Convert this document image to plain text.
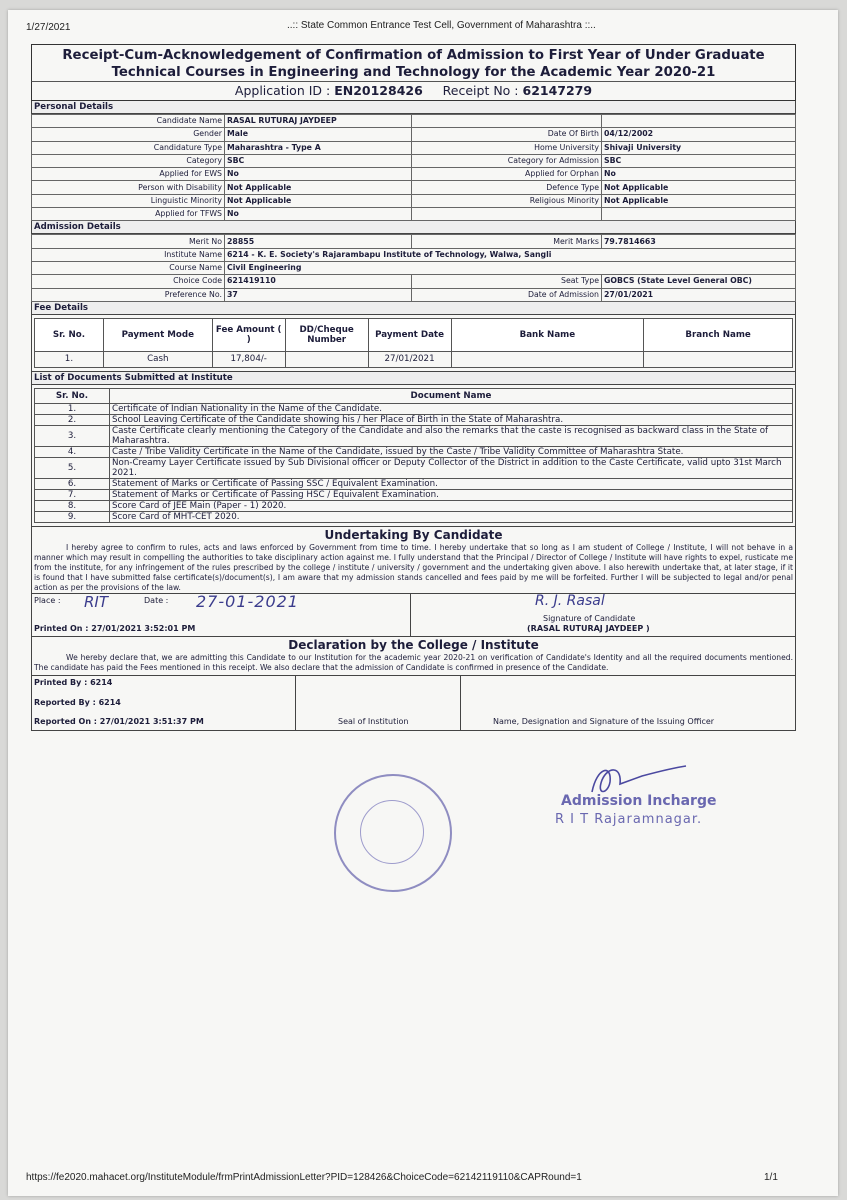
1/27/2021	..:: State Common Entrance Test Cell, Government of Maharashtra ::..
Receipt-Cum-Acknowledgement of Confirmation of Admission to First Year of Under Graduate Technical Courses in Engineering and Technology for the Academic Year 2020-21
Application ID : EN20128426 Receipt No : 62147279
Personal Details
Candidate Name	RASAL RUTURAJ JAYDEEP		
Gender	Male	Date Of Birth	04/12/2002
Candidature Type	Maharashtra - Type A	Home University	Shivaji University
Category	SBC	Category for Admission	SBC
Applied for EWS	No	Applied for Orphan	No
Person with Disability	Not Applicable	Defence Type	Not Applicable
Linguistic Minority	Not Applicable	Religious Minority	Not Applicable
Applied for TFWS	No		
Admission Details
Merit No	28855	Merit Marks	79.7814663
Institute Name	6214 - K. E. Society's Rajarambapu Institute of Technology, Walwa, Sangli		
Course Name	Civil Engineering		
Choice Code	621419110	Seat Type	GOBCS (State Level General OBC)
Preference No.	37	Date of Admission	27/01/2021
Fee Details
Sr. No.	Payment Mode	Fee Amount ( )	DD/Cheque Number	Payment Date	Bank Name	Branch Name
1.	Cash	17,804/-		27/01/2021		
List of Documents Submitted at Institute
Sr. No.	Document Name
1.	Certificate of Indian Nationality in the Name of the Candidate.
2.	School Leaving Certificate of the Candidate showing his / her Place of Birth in the State of Maharashtra.
3.	Caste Certificate clearly mentioning the Category of the Candidate and also the remarks that the caste is recognised as backward class in the State of Maharashtra.
4.	Caste / Tribe Validity Certificate in the Name of the Candidate, issued by the Caste / Tribe Validity Committee of Maharashtra State.
5.	Non-Creamy Layer Certificate issued by Sub Divisional officer or Deputy Collector of the District in addition to the Caste Certificate, valid upto 31st March 2021.
6.	Statement of Marks or Certificate of Passing SSC / Equivalent Examination.
7.	Statement of Marks or Certificate of Passing HSC / Equivalent Examination.
8.	Score Card of JEE Main (Paper - 1) 2020.
9.	Score Card of MHT-CET 2020.
Undertaking By Candidate
I hereby agree to confirm to rules, acts and laws enforced by Government from time to time. I hereby undertake that so long as I am student of College / Institute, I will not behave in a manner which may result in compelling the authorities to take disciplinary action against me. I fully understand that the Principal / Director of College / Institute will have rights to expel, rusticate me from the institute, for any infringement of the rules prescribed by the college / institute / university / government and the undertaking given above. I also herewith undertake that, at later stage, if it is found that I have submitted false certificate(s)/document(s), I am aware that my admission stands cancelled and fees paid by me will be forfeited. Further I will be subjected to legal and/or penal action as per the provisions of the law.
Place : RIT	Date : 27-01-2021
Printed On : 27/01/2021 3:52:01 PM
R. J. Rasal
Signature of Candidate
(RASAL RUTURAJ JAYDEEP )
Declaration by the College / Institute
We hereby declare that, we are admitting this Candidate to our Institution for the academic year 2020-21 on verification of Candidate's Identity and all the required documents mentioned. The candidate has paid the Fees mentioned in this receipt. We also declare that the admission of Candidate is confirmed in presence of the Candidate.
Printed By : 6214
Reported By : 6214
Reported On : 27/01/2021 3:51:37 PM	Seal of Institution	Name, Designation and Signature of the Issuing Officer
Admission Incharge
R I T Rajaramnagar.
https://fe2020.mahacet.org/InstituteModule/frmPrintAdmissionLetter?PID=128426&ChoiceCode=62142119110&CAPRound=1	1/1
